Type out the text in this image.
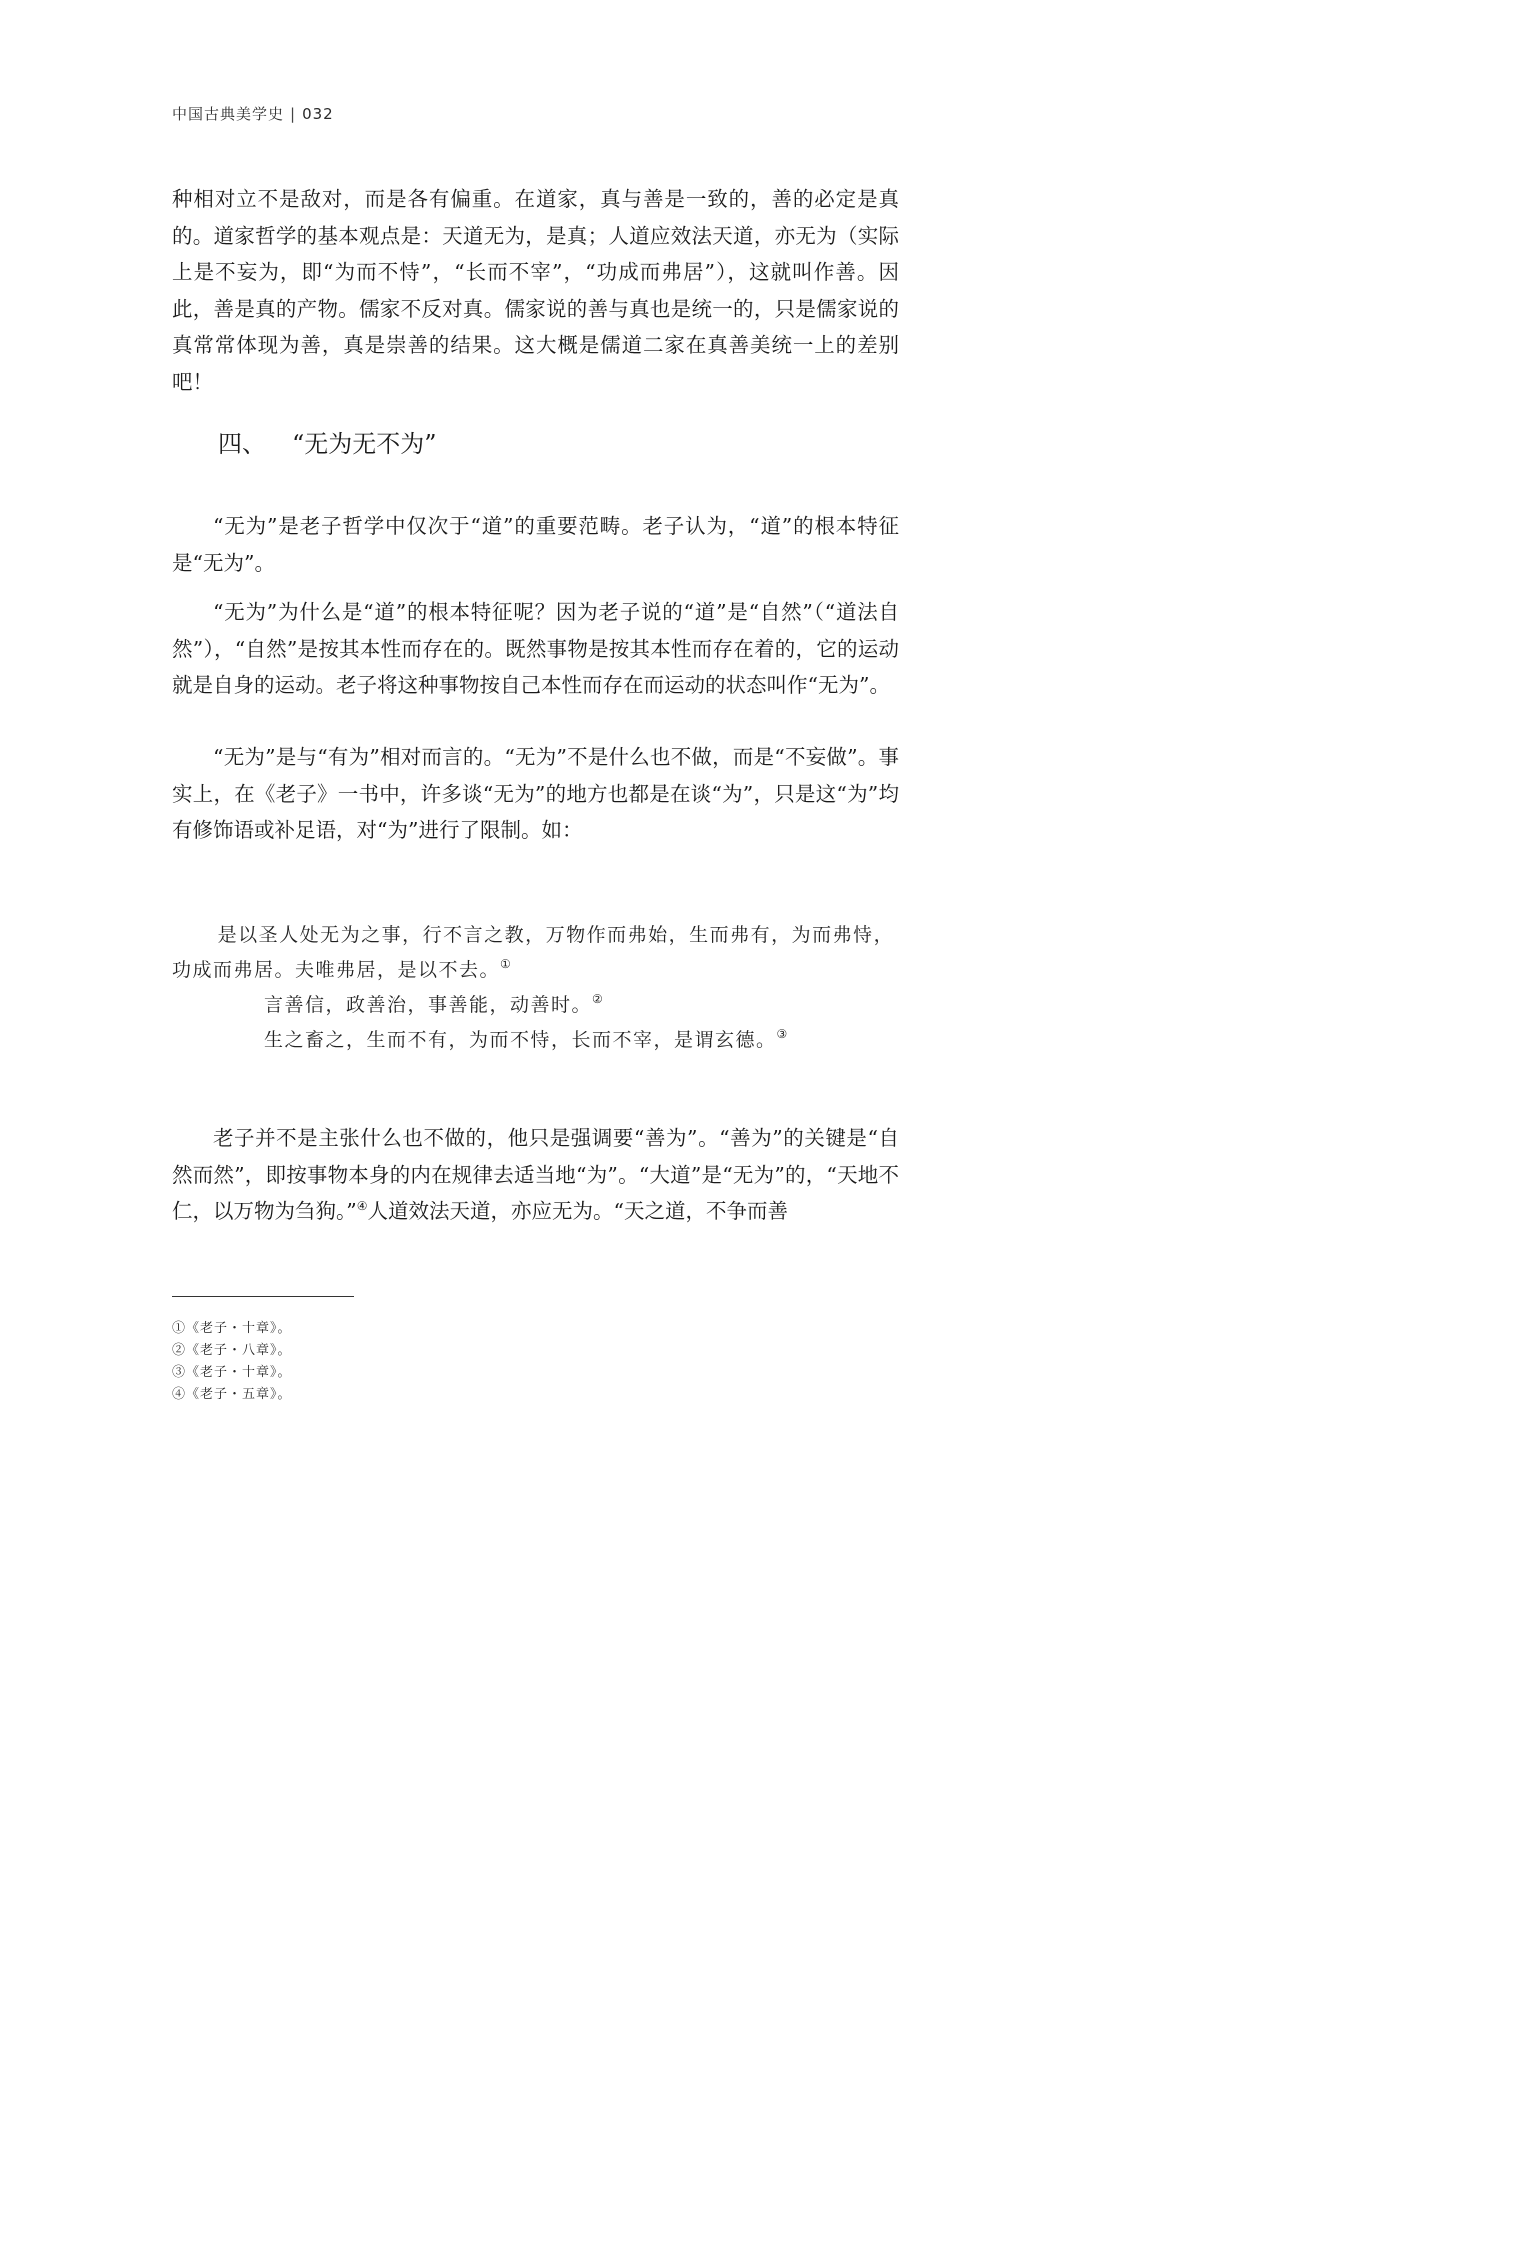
中国古典美学史 | 032

种相对立不是敌对，而是各有偏重。在道家，真与善是一致的，善的必定是真的。道家哲学的基本观点是：天道无为，是真；人道应效法天道，亦无为（实际上是不妄为，即“为而不恃”，“长而不宰”，“功成而弗居”），这就叫作善。因此，善是真的产物。儒家不反对真。儒家说的善与真也是统一的，只是儒家说的真常常体现为善，真是崇善的结果。这大概是儒道二家在真善美统一上的差别吧！

四、 “无为无不为”

“无为”是老子哲学中仅次于“道”的重要范畴。老子认为，“道”的根本特征是“无为”。

“无为”为什么是“道”的根本特征呢？因为老子说的“道”是“自然”（“道法自然”），“自然”是按其本性而存在的。既然事物是按其本性而存在着的，它的运动就是自身的运动。老子将这种事物按自己本性而存在而运动的状态叫作“无为”。

“无为”是与“有为”相对而言的。“无为”不是什么也不做，而是“不妄做”。事实上，在《老子》一书中，许多谈“无为”的地方也都是在谈“为”，只是这“为”均有修饰语或补足语，对“为”进行了限制。如：

是以圣人处无为之事，行不言之教，万物作而弗始，生而弗有，为而弗恃，功成而弗居。夫唯弗居，是以不去。①

言善信，政善治，事善能，动善时。②

生之畜之，生而不有，为而不恃，长而不宰，是谓玄德。③

老子并不是主张什么也不做的，他只是强调要“善为”。“善为”的关键是“自然而然”，即按事物本身的内在规律去适当地“为”。“大道”是“无为”的，“天地不仁，以万物为刍狗。”④人道效法天道，亦应无为。“天之道，不争而善

①《老子・十章》。
②《老子・八章》。
③《老子・十章》。
④《老子・五章》。
